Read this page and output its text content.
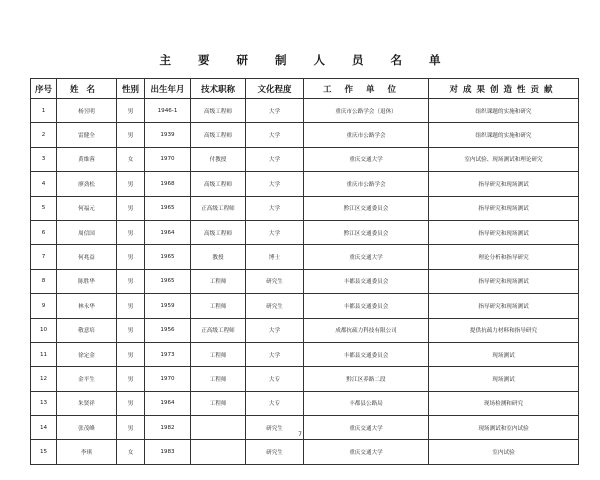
主要研制人员名单
序号	姓名	性别	出生年月	技术职称	文化程度	工作单位	对成果创造性贡献
1	杨昱明	男	1946-1	高级工程师	大学	重庆市公路学会（退休）	组织课题的实施和研究
2	雷健全	男	1939	高级工程师	大学	重庆市公路学会	组织课题的实施和研究
3	黄维蓉	女	1970	付教授	大学	重庆交通大学	室内试验、现场测试和理论研究
4	廖劲松	男	1968	高级工程师	大学	重庆市公路学会	指导研究和现场测试
5	何福元	男	1965	正高级工程师	大学	黔江区交通委员会	指导研究和现场测试
6	周信国	男	1964	高级工程师	大学	黔江区交通委员会	指导研究和现场测试
7	何兆益	男	1965	教授	博士	重庆交通大学	理论分析和指导研究
8	陈胜华	男	1965	工程师	研究生	丰都县交通委员会	指导研究和现场测试
9	林永华	男	1959	工程师	研究生	丰都县交通委员会	指导研究和现场测试
10	敬意培	男	1956	正高级工程师	大学	成都抗疏力科技有限公司	提供抗疏力材料和指导研究
11	徐定金	男	1973	工程师	大学	丰都县交通委员会	现场测试
12	金平生	男	1970	工程师	大专	黔江区养路二段	现场测试
13	朱贤祥	男	1964	工程师	大专	丰都县公路局	现场检测和研究
14	张茂峰	男	1982		研究生	重庆交通大学	现场测试和室内试验
15	李琪	女	1983		研究生	重庆交通大学	室内试验
7
